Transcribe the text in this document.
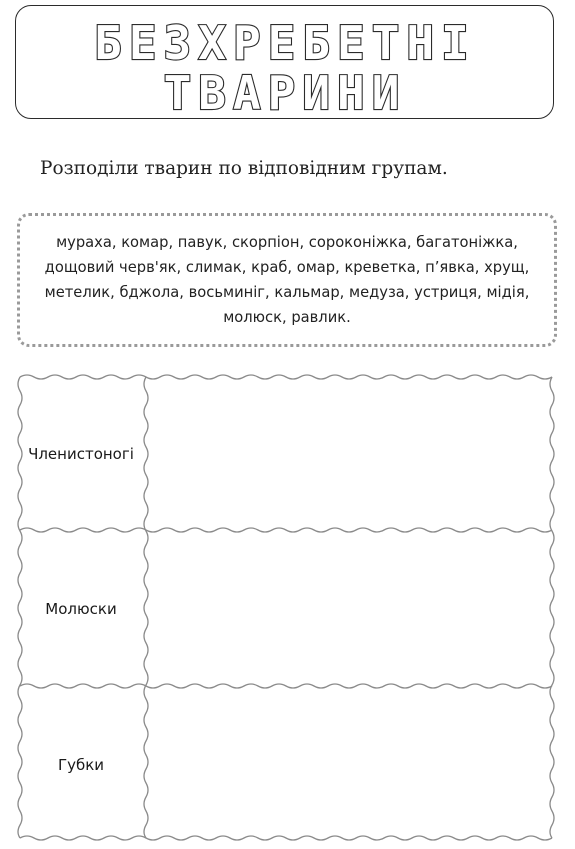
БЕЗХРЕБЕТНІ
ТВАРИНИ
Розподіли тварин по відповідним групам.
мураха, комар, павук, скорпіон, сороконіжка, багатоніжка,
дощовий черв'як, слимак, краб, омар, креветка, п’явка, хрущ,
метелик, бджола, восьминіг, кальмар, медуза, устриця, мідія,
молюск, равлик.
Членистоногі
Молюски
Губки
